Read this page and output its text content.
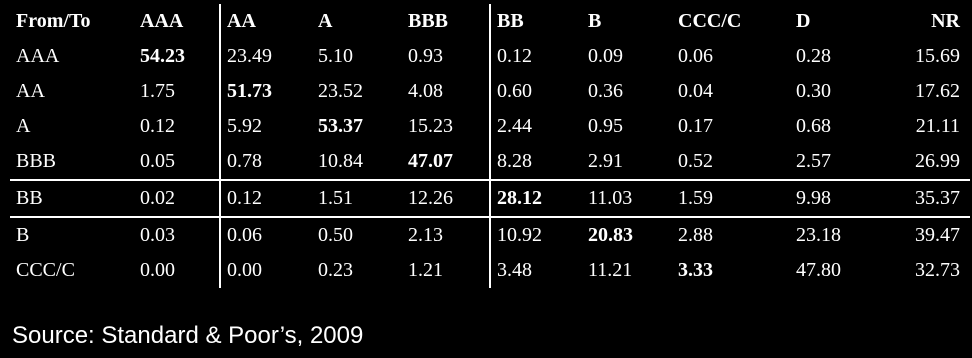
From/To	AAA	AA	A	BBB	BB	B	CCC/C	D	NR
AAA	54.23	23.49	5.10	0.93	0.12	0.09	0.06	0.28	15.69
AA	1.75	51.73	23.52	4.08	0.60	0.36	0.04	0.30	17.62
A	0.12	5.92	53.37	15.23	2.44	0.95	0.17	0.68	21.11
BBB	0.05	0.78	10.84	47.07	8.28	2.91	0.52	2.57	26.99
BB	0.02	0.12	1.51	12.26	28.12	11.03	1.59	9.98	35.37
B	0.03	0.06	0.50	2.13	10.92	20.83	2.88	23.18	39.47
CCC/C	0.00	0.00	0.23	1.21	3.48	11.21	3.33	47.80	32.73
Source: Standard & Poor’s, 2009
